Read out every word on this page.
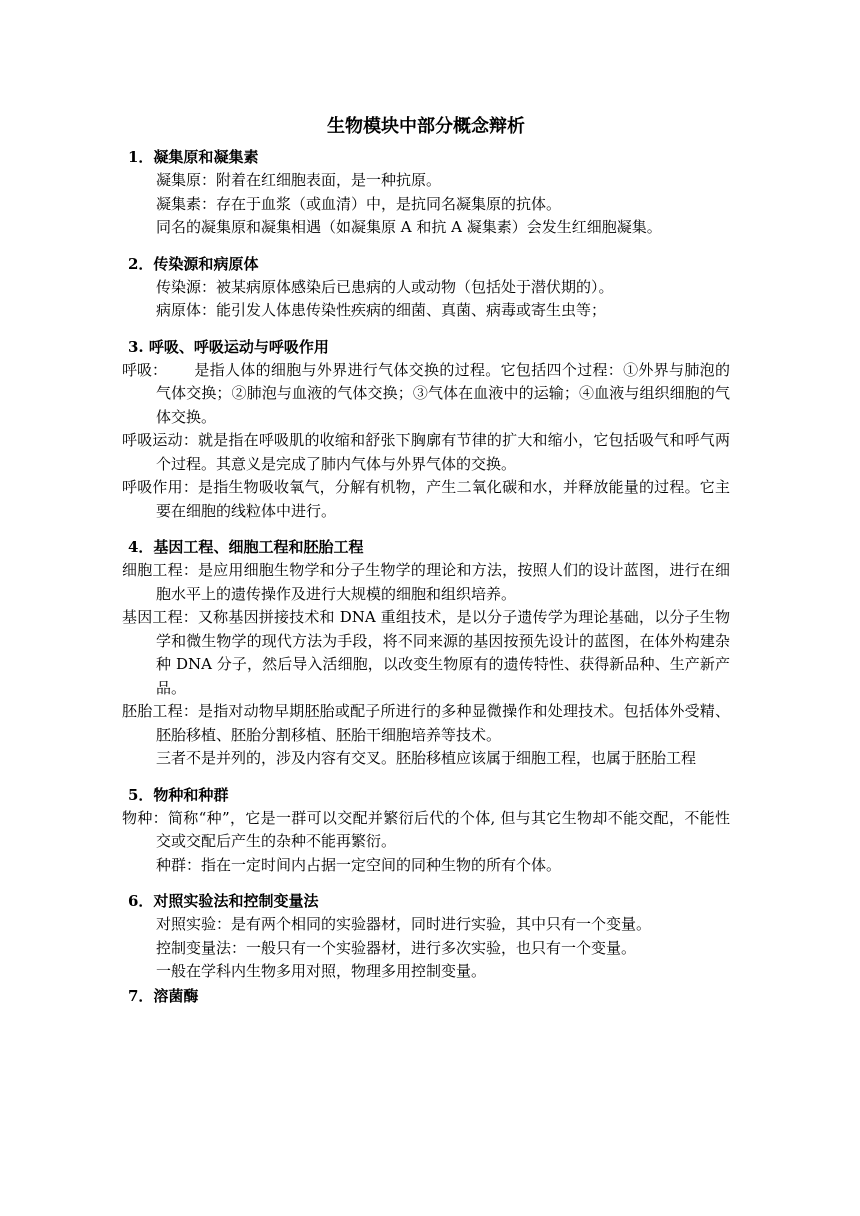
生物模块中部分概念辩析
1．凝集原和凝集素

凝集原：附着在红细胞表面，是一种抗原。

凝集素：存在于血浆（或血清）中，是抗同名凝集原的抗体。

同名的凝集原和凝集相遇（如凝集原 A 和抗 A 凝集素）会发生红细胞凝集。

2．传染源和病原体

传染源：被某病原体感染后已患病的人或动物（包括处于潜伏期的）。

病原体：能引发人体患传染性疾病的细菌、真菌、病毒或寄生虫等；

3. 呼吸、呼吸运动与呼吸作用

呼吸： 是指人体的细胞与外界进行气体交换的过程。它包括四个过程：①外界与肺泡的气体交换；②肺泡与血液的气体交换；③气体在血液中的运输；④血液与组织细胞的气体交换。

呼吸运动：就是指在呼吸肌的收缩和舒张下胸廓有节律的扩大和缩小，它包括吸气和呼气两个过程。其意义是完成了肺内气体与外界气体的交换。

呼吸作用：是指生物吸收氧气，分解有机物，产生二氧化碳和水，并释放能量的过程。它主要在细胞的线粒体中进行。

4．基因工程、细胞工程和胚胎工程

细胞工程：是应用细胞生物学和分子生物学的理论和方法，按照人们的设计蓝图，进行在细胞水平上的遗传操作及进行大规模的细胞和组织培养。

基因工程：又称基因拼接技术和 DNA 重组技术，是以分子遗传学为理论基础，以分子生物学和微生物学的现代方法为手段，将不同来源的基因按预先设计的蓝图，在体外构建杂种 DNA 分子，然后导入活细胞，以改变生物原有的遗传特性、获得新品种、生产新产品。

胚胎工程：是指对动物早期胚胎或配子所进行的多种显微操作和处理技术。包括体外受精、胚胎移植、胚胎分割移植、胚胎干细胞培养等技术。

三者不是并列的，涉及内容有交叉。胚胎移植应该属于细胞工程，也属于胚胎工程

5．物种和种群

物种：简称“种”，它是一群可以交配并繁衍后代的个体, 但与其它生物却不能交配，不能性交或交配后产生的杂种不能再繁衍。

种群：指在一定时间内占据一定空间的同种生物的所有个体。

6．对照实验法和控制变量法

对照实验：是有两个相同的实验器材，同时进行实验，其中只有一个变量。

控制变量法：一般只有一个实验器材，进行多次实验，也只有一个变量。

一般在学科内生物多用对照，物理多用控制变量。

7．溶菌酶
